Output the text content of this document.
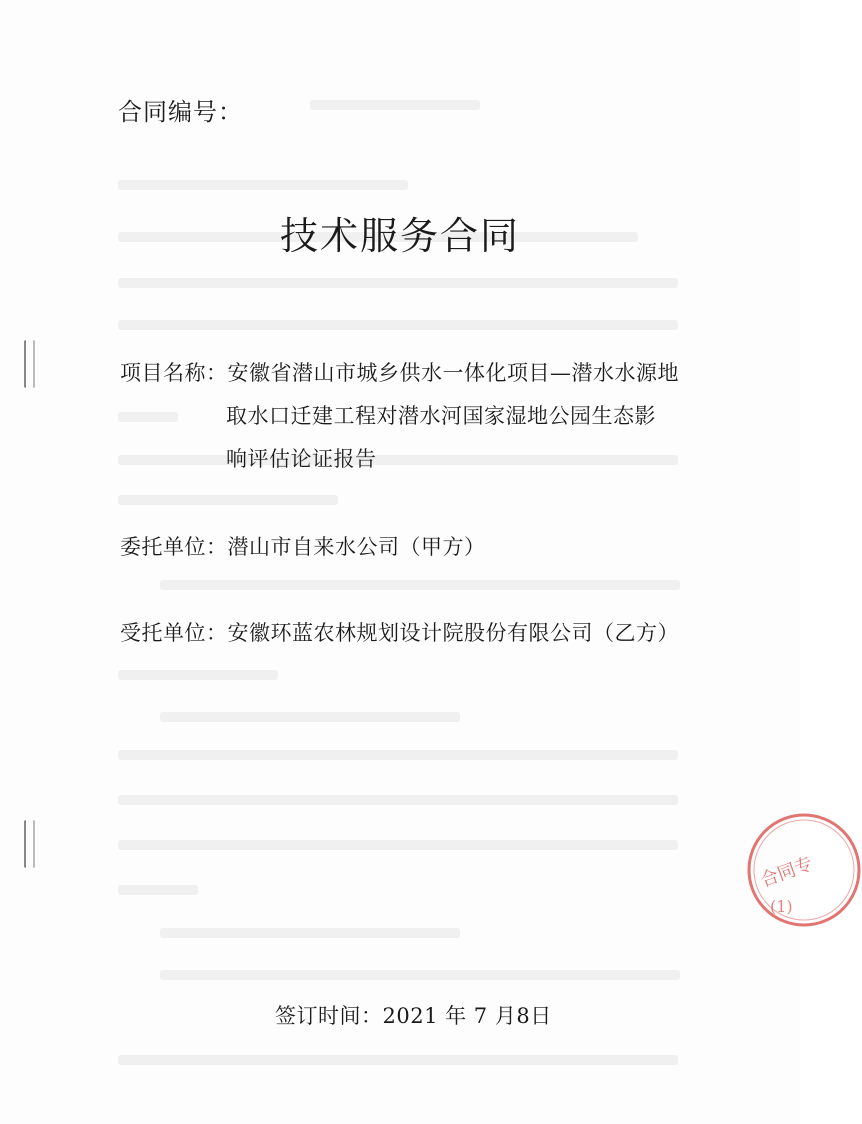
合同编号：
技术服务合同
项目名称：安徽省潜山市城乡供水一体化项目—潜水水源地
取水口迁建工程对潜水河国家湿地公园生态影
响评估论证报告
委托单位：潜山市自来水公司（甲方）
受托单位：安徽环蓝农林规划设计院股份有限公司（乙方）
签订时间：2021 年 7 月8日
合同专
(1)
